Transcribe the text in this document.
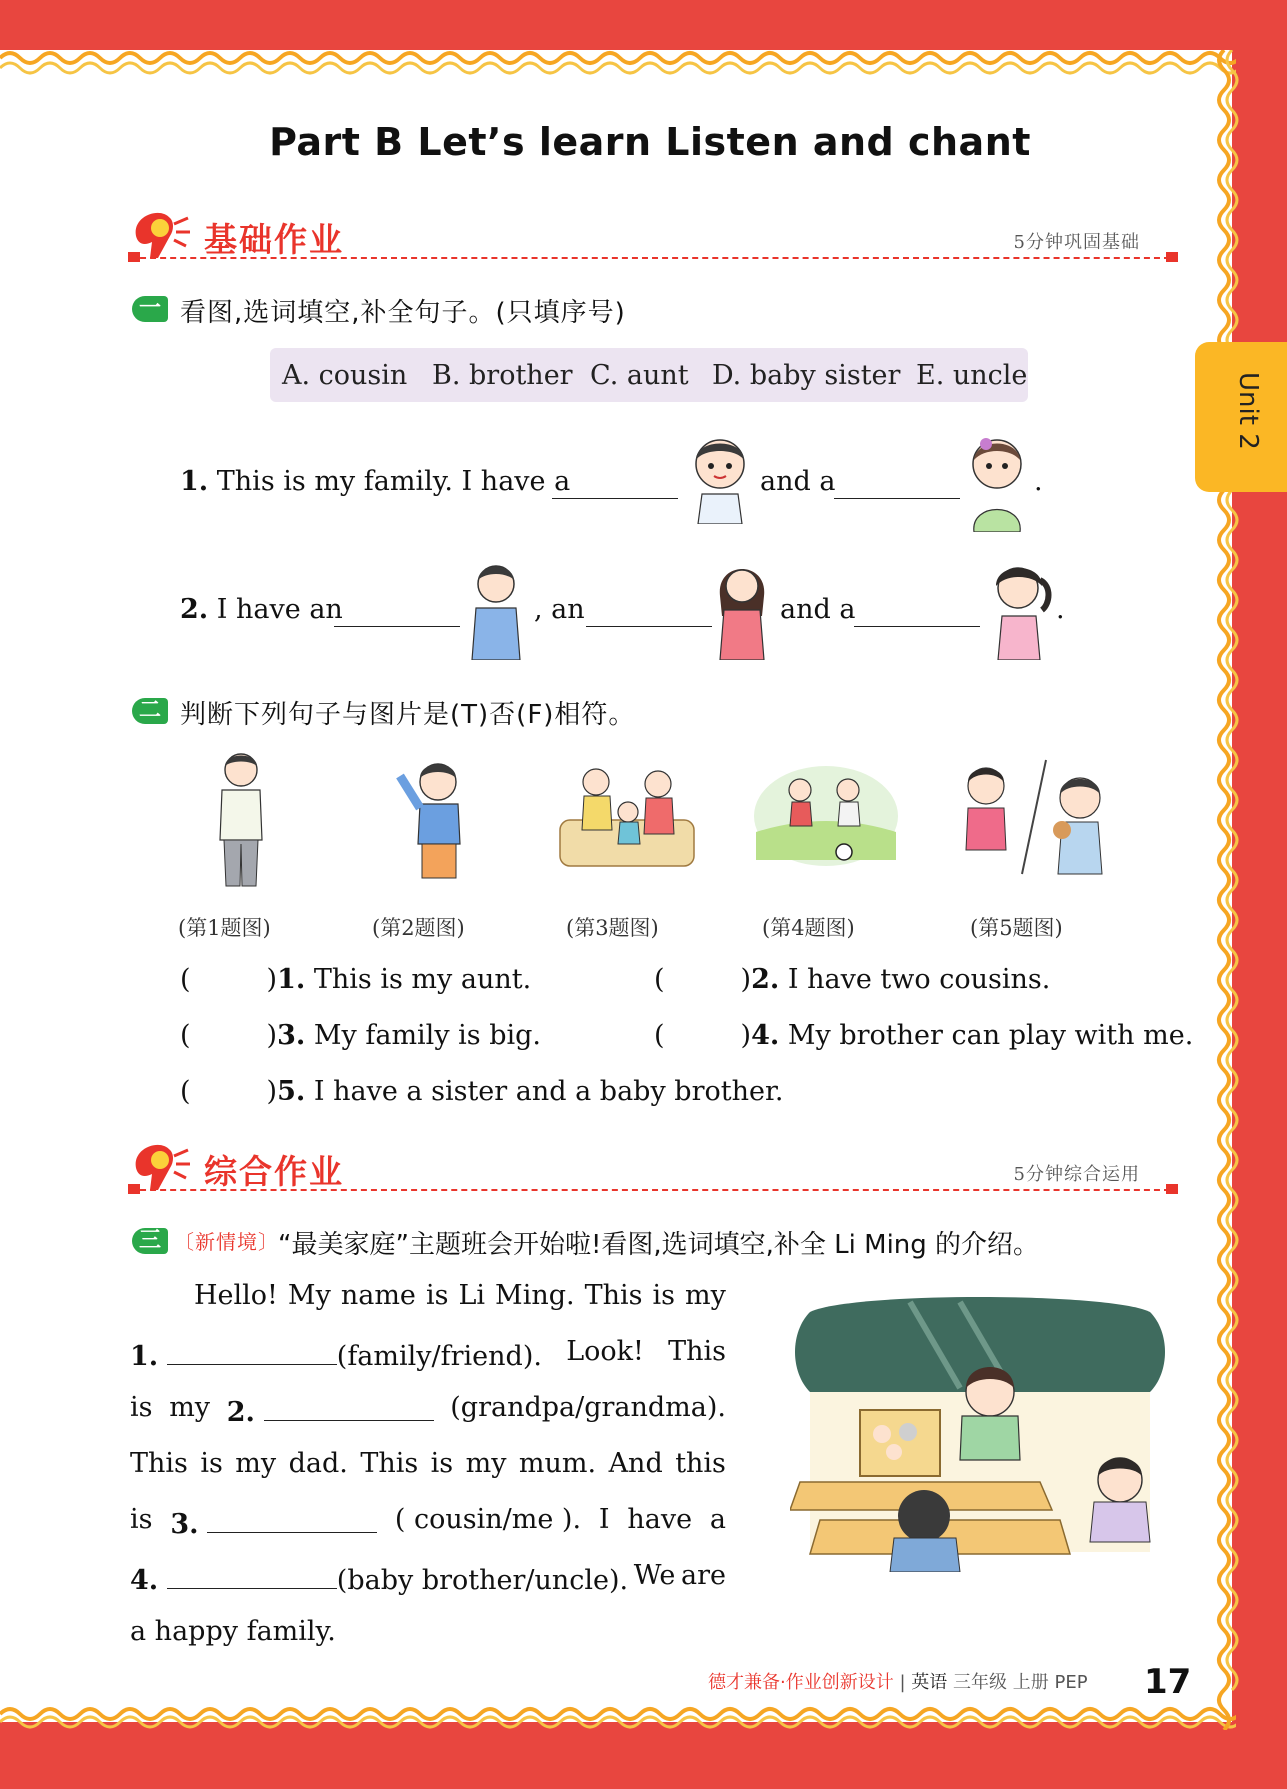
Unit 2
Part B Let’s learn Listen and chant
基础作业	5分钟巩固基础
一 看图,选词填空,补全句子。(只填序号)
A. cousin B. brother C. aunt D. baby sister E. uncle
1. This is my family. I have a	and a	.
2. I have an	, an	and a	.
二 判断下列句子与图片是(T)否(F)相符。
(第1题图)	(第2题图)	(第3题图)	(第4题图)	(第5题图)
(	)1. This is my aunt.	(	)2. I have two cousins.
(	)3. My family is big.	(	)4. My brother can play with me.
(	)5. I have a sister and a baby brother.
综合作业	5分钟综合运用
三 〔新情境〕 “最美家庭”主题班会开始啦!看图,选词填空,补全 Li Ming 的介绍。
Hello! My name is Li Ming. This is my
1.	(family/friend). Look! This
is my 2.	(grandpa/grandma).
This is my dad. This is my mum. And this
is 3.	( cousin/me ). I have a
4.	(baby brother/uncle). We are
a happy family.
德才兼备·作业创新设计 | 英语 三年级 上册 PEP 17
